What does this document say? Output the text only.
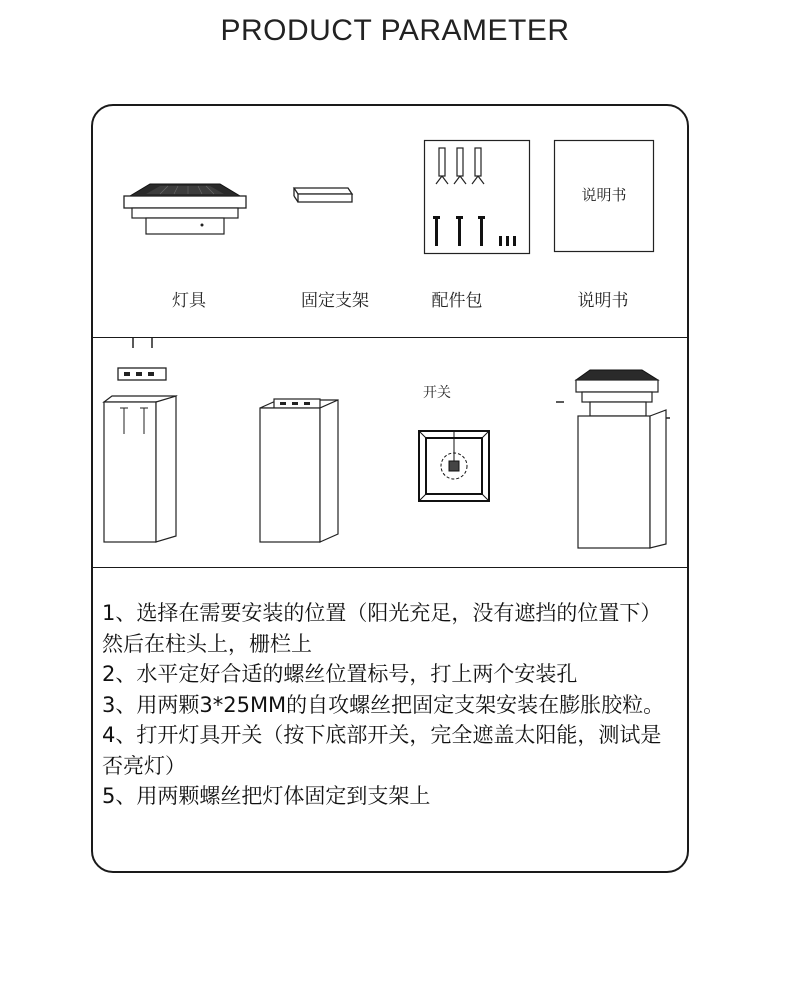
PRODUCT PARAMETER
说明书
灯具	固定支架	配件包	说明书
开关

1、选择在需要安装的位置（阳光充足，没有遮挡的位置下）然后在柱头上，栅栏上

2、水平定好合适的螺丝位置标号，打上两个安装孔

3、用两颗3*25MM的自攻螺丝把固定支架安装在膨胀胶粒。

4、打开灯具开关（按下底部开关，完全遮盖太阳能，测试是否亮灯）

5、用两颗螺丝把灯体固定到支架上
